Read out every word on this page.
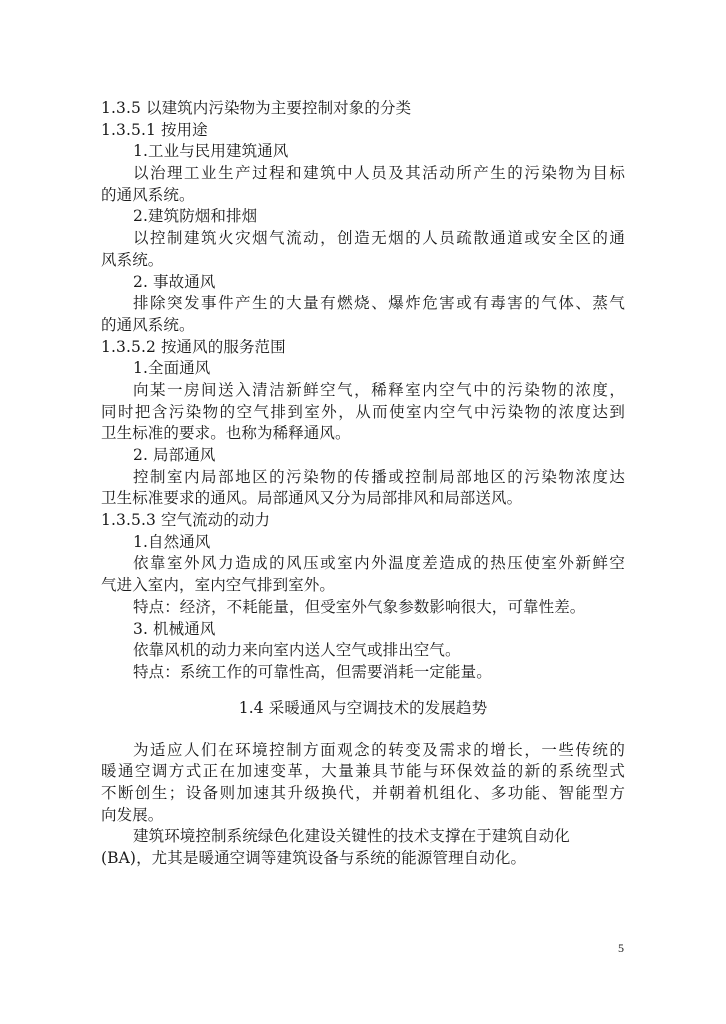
1.3.5 以建筑内污染物为主要控制对象的分类

1.3.5.1 按用途

1.工业与民用建筑通风

以治理工业生产过程和建筑中人员及其活动所产生的污染物为目标

的通风系统。

2.建筑防烟和排烟

以控制建筑火灾烟气流动，创造无烟的人员疏散通道或安全区的通

风系统。

2. 事故通风

排除突发事件产生的大量有燃烧、爆炸危害或有毒害的气体、蒸气

的通风系统。

1.3.5.2 按通风的服务范围

1.全面通风

向某一房间送入清洁新鲜空气，稀释室内空气中的污染物的浓度，

同时把含污染物的空气排到室外，从而使室内空气中污染物的浓度达到

卫生标准的要求。也称为稀释通风。

2. 局部通风

控制室内局部地区的污染物的传播或控制局部地区的污染物浓度达

卫生标准要求的通风。局部通风又分为局部排风和局部送风。

1.3.5.3 空气流动的动力

1.自然通风

依靠室外风力造成的风压或室内外温度差造成的热压使室外新鲜空

气进入室内，室内空气排到室外。

特点：经济，不耗能量，但受室外气象参数影响很大，可靠性差。

3. 机械通风

依靠风机的动力来向室内送人空气或排出空气。

特点：系统工作的可靠性高，但需要消耗一定能量。

1.4 采暖通风与空调技术的发展趋势

为适应人们在环境控制方面观念的转变及需求的增长，一些传统的

暖通空调方式正在加速变革，大量兼具节能与环保效益的新的系统型式

不断创生；设备则加速其升级换代，并朝着机组化、多功能、智能型方

向发展。

建筑环境控制系统绿色化建设关键性的技术支撑在于建筑自动化

(BA)，尤其是暖通空调等建筑设备与系统的能源管理自动化。

5
